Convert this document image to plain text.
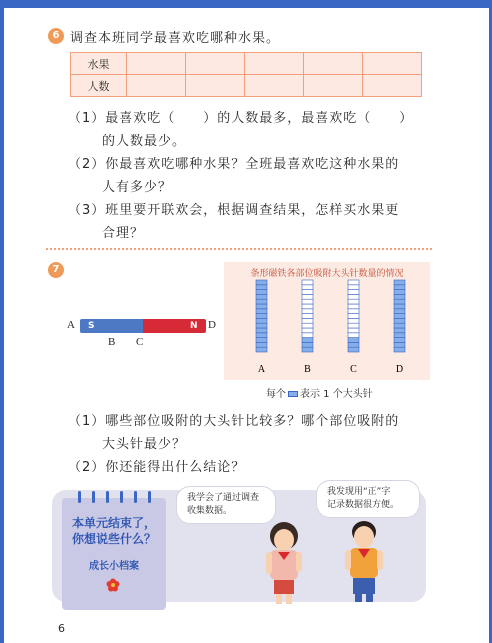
6 调查本班同学最喜欢吃哪种水果。
水果					
人数					
（1）最喜欢吃（　　）的人数最多，最喜欢吃（　　）
的人数最少。
（2）你最喜欢吃哪种水果？全班最喜欢吃这种水果的
人有多少？
（3）班里要开联欢会，根据调查结果，怎样买水果更
合理？
7
S	N
A
B C
D
条形磁铁各部位吸附大头针数量的情况
A	B	C	D
每个 表示 1 个大头针
（1）哪些部位吸附的大头针比较多？哪个部位吸附的
大头针最少？
（2）你还能得出什么结论？
本单元结束了，
你想说些什么？
成长小档案
我学会了通过调查
收集数据。
我发现用“正”字
记录数据很方便。
6
